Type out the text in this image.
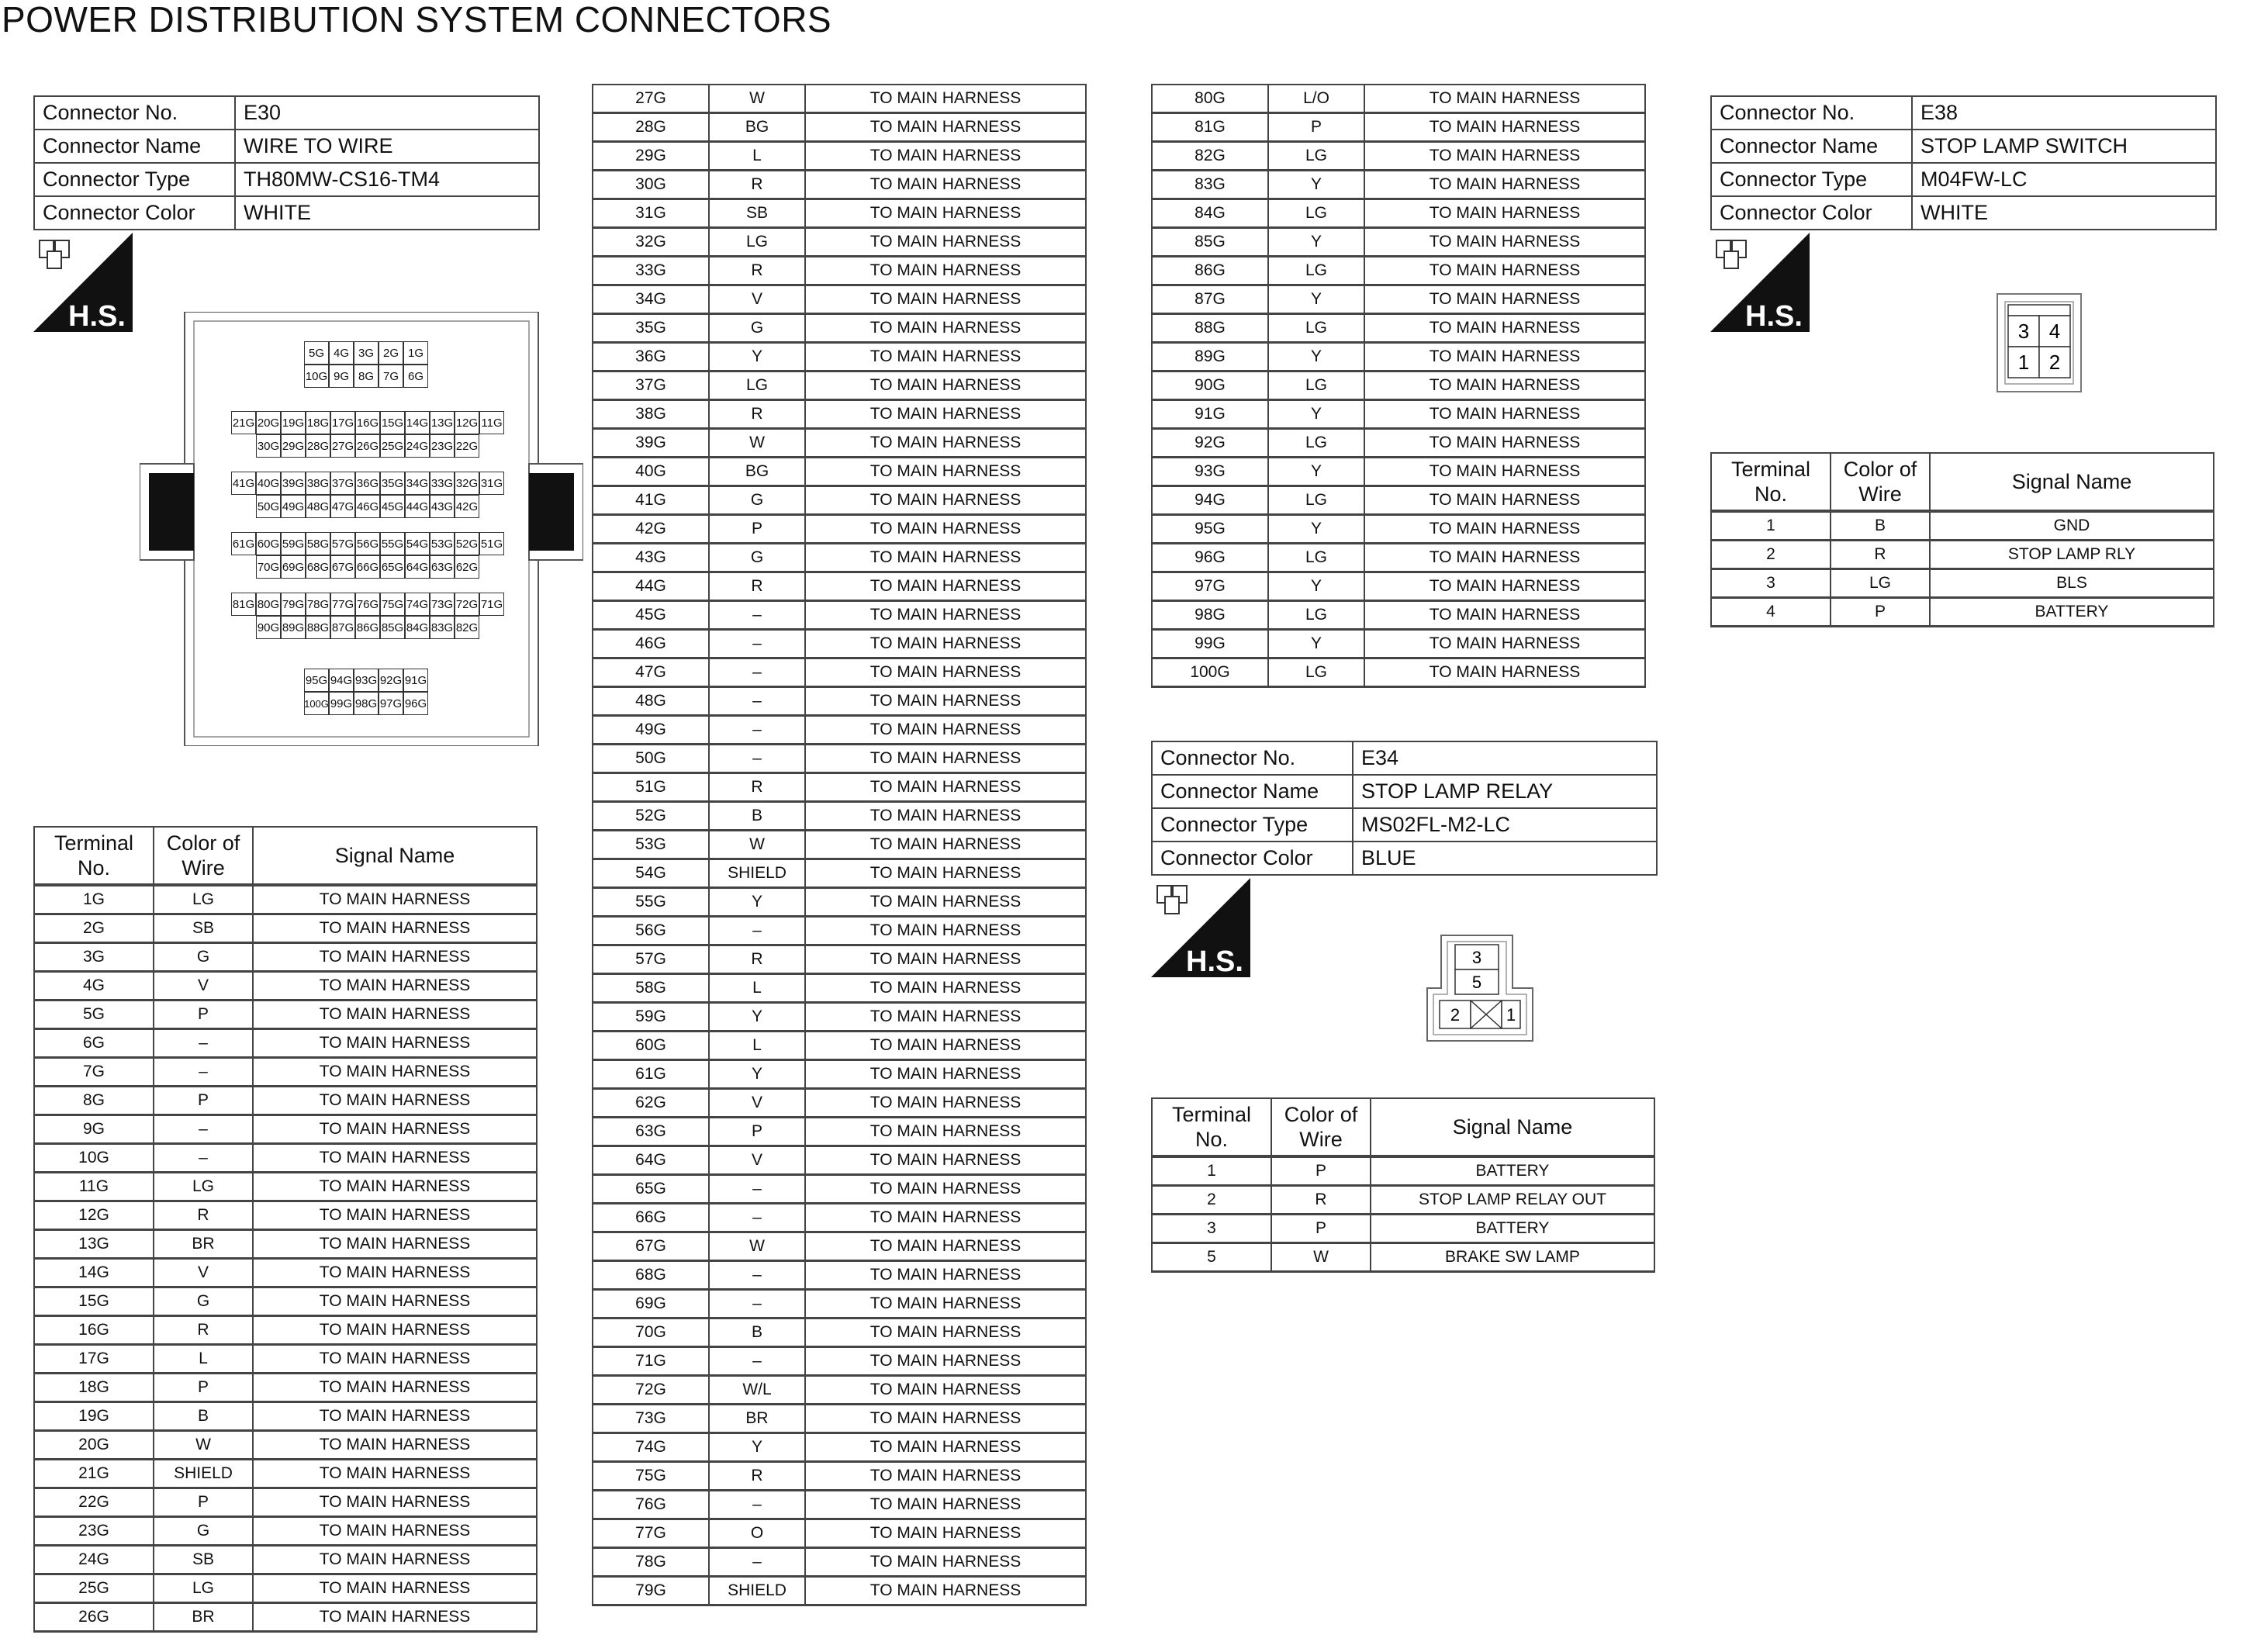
POWER DISTRIBUTION SYSTEM CONNECTORS
Connector No.	E30
Connector Name	WIRE TO WIRE
Connector Type	TH80MW-CS16-TM4
Connector Color	WHITE
H.S.
5G 4G 3G 2G 1G
10G 9G 8G 7G 6G
21G 20G 19G 18G 17G 16G 15G 14G 13G 12G 11G
30G 29G 28G 27G 26G 25G 24G 23G 22G
41G 40G 39G 38G 37G 36G 35G 34G 33G 32G 31G
50G 49G 48G 47G 46G 45G 44G 43G 42G
61G 60G 59G 58G 57G 56G 55G 54G 53G 52G 51G
70G 69G 68G 67G 66G 65G 64G 63G 62G
81G 80G 79G 78G 77G 76G 75G 74G 73G 72G 71G
90G 89G 88G 87G 86G 85G 84G 83G 82G
95G 94G 93G 92G 91G
100G 99G 98G 97G 96G
Terminal No.	Color of Wire	Signal Name
1G	LG	TO MAIN HARNESS
2G	SB	TO MAIN HARNESS
3G	G	TO MAIN HARNESS
4G	V	TO MAIN HARNESS
5G	P	TO MAIN HARNESS
6G	–	TO MAIN HARNESS
7G	–	TO MAIN HARNESS
8G	P	TO MAIN HARNESS
9G	–	TO MAIN HARNESS
10G	–	TO MAIN HARNESS
11G	LG	TO MAIN HARNESS
12G	R	TO MAIN HARNESS
13G	BR	TO MAIN HARNESS
14G	V	TO MAIN HARNESS
15G	G	TO MAIN HARNESS
16G	R	TO MAIN HARNESS
17G	L	TO MAIN HARNESS
18G	P	TO MAIN HARNESS
19G	B	TO MAIN HARNESS
20G	W	TO MAIN HARNESS
21G	SHIELD	TO MAIN HARNESS
22G	P	TO MAIN HARNESS
23G	G	TO MAIN HARNESS
24G	SB	TO MAIN HARNESS
25G	LG	TO MAIN HARNESS
26G	BR	TO MAIN HARNESS
27G	W	TO MAIN HARNESS
28G	BG	TO MAIN HARNESS
29G	L	TO MAIN HARNESS
30G	R	TO MAIN HARNESS
31G	SB	TO MAIN HARNESS
32G	LG	TO MAIN HARNESS
33G	R	TO MAIN HARNESS
34G	V	TO MAIN HARNESS
35G	G	TO MAIN HARNESS
36G	Y	TO MAIN HARNESS
37G	LG	TO MAIN HARNESS
38G	R	TO MAIN HARNESS
39G	W	TO MAIN HARNESS
40G	BG	TO MAIN HARNESS
41G	G	TO MAIN HARNESS
42G	P	TO MAIN HARNESS
43G	G	TO MAIN HARNESS
44G	R	TO MAIN HARNESS
45G	–	TO MAIN HARNESS
46G	–	TO MAIN HARNESS
47G	–	TO MAIN HARNESS
48G	–	TO MAIN HARNESS
49G	–	TO MAIN HARNESS
50G	–	TO MAIN HARNESS
51G	R	TO MAIN HARNESS
52G	B	TO MAIN HARNESS
53G	W	TO MAIN HARNESS
54G	SHIELD	TO MAIN HARNESS
55G	Y	TO MAIN HARNESS
56G	–	TO MAIN HARNESS
57G	R	TO MAIN HARNESS
58G	L	TO MAIN HARNESS
59G	Y	TO MAIN HARNESS
60G	L	TO MAIN HARNESS
61G	Y	TO MAIN HARNESS
62G	V	TO MAIN HARNESS
63G	P	TO MAIN HARNESS
64G	V	TO MAIN HARNESS
65G	–	TO MAIN HARNESS
66G	–	TO MAIN HARNESS
67G	W	TO MAIN HARNESS
68G	–	TO MAIN HARNESS
69G	–	TO MAIN HARNESS
70G	B	TO MAIN HARNESS
71G	–	TO MAIN HARNESS
72G	W/L	TO MAIN HARNESS
73G	BR	TO MAIN HARNESS
74G	Y	TO MAIN HARNESS
75G	R	TO MAIN HARNESS
76G	–	TO MAIN HARNESS
77G	O	TO MAIN HARNESS
78G	–	TO MAIN HARNESS
79G	SHIELD	TO MAIN HARNESS
80G	L/O	TO MAIN HARNESS
81G	P	TO MAIN HARNESS
82G	LG	TO MAIN HARNESS
83G	Y	TO MAIN HARNESS
84G	LG	TO MAIN HARNESS
85G	Y	TO MAIN HARNESS
86G	LG	TO MAIN HARNESS
87G	Y	TO MAIN HARNESS
88G	LG	TO MAIN HARNESS
89G	Y	TO MAIN HARNESS
90G	LG	TO MAIN HARNESS
91G	Y	TO MAIN HARNESS
92G	LG	TO MAIN HARNESS
93G	Y	TO MAIN HARNESS
94G	LG	TO MAIN HARNESS
95G	Y	TO MAIN HARNESS
96G	LG	TO MAIN HARNESS
97G	Y	TO MAIN HARNESS
98G	LG	TO MAIN HARNESS
99G	Y	TO MAIN HARNESS
100G	LG	TO MAIN HARNESS
Connector No.	E34
Connector Name	STOP LAMP RELAY
Connector Type	MS02FL-M2-LC
Connector Color	BLUE
H.S.	3
5
2	1
Terminal No.	Color of Wire	Signal Name
1	P	BATTERY
2	R	STOP LAMP RELAY OUT
3	P	BATTERY
5	W	BRAKE SW LAMP
Connector No.	E38
Connector Name	STOP LAMP SWITCH
Connector Type	M04FW-LC
Connector Color	WHITE
H.S.	3 4
1 2
Terminal No.	Color of Wire	Signal Name
1	B	GND
2	R	STOP LAMP RLY
3	LG	BLS
4	P	BATTERY
